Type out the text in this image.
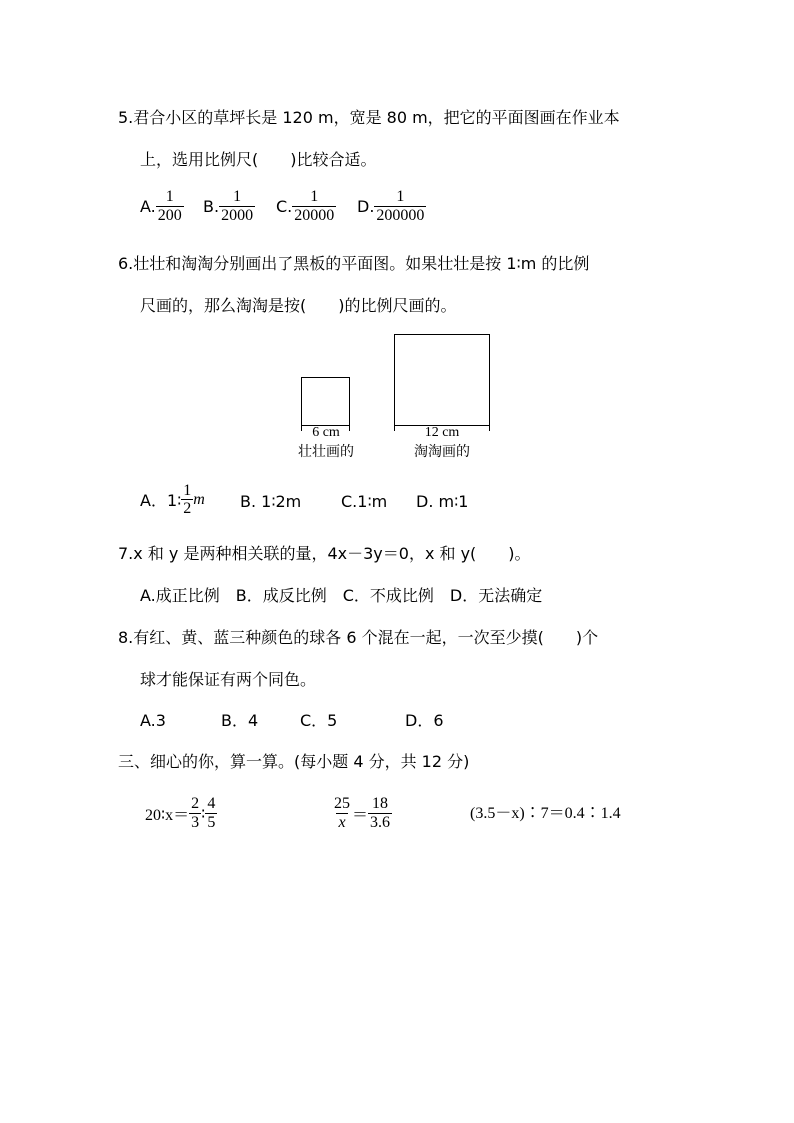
5.君合小区的草坪长是 120 m，宽是 80 m，把它的平面图画在作业本
上，选用比例尺(　　)比较合适。
A. $\frac{1}{200} B$. $\frac{1}{2000} C$. $\frac{1}{20000} D$. $\frac{1}{200000}$
6.壮壮和淘淘分别画出了黑板的平面图。如果壮壮是按 1∶m 的比例
尺画的，那么淘淘是按(　　)的比例尺画的。
6 cm
壮壮画的
12 cm
淘淘画的
A．1∶ $\frac{1}{2}$ m B. 1∶2m C.1∶m D. m∶1
7.x 和 y 是两种相关联的量，4x－3y＝0，x 和 y(　　)。
A.成正比例　B．成反比例　C．不成比例　D．无法确定
8.有红、黄、蓝三种颜色的球各 6 个混在一起，一次至少摸(　　)个
球才能保证有两个同色。
A.3	B．4	C．5	D．6
三、细心的你，算一算。(每小题 4 分，共 12 分)
20∶x＝ $\frac{2}{3}$ ∶ $\frac{4}{5}$	$\frac{25}{x} = \frac{18}{3.6}$	(3.5－x)∶7＝0.4∶1.4
